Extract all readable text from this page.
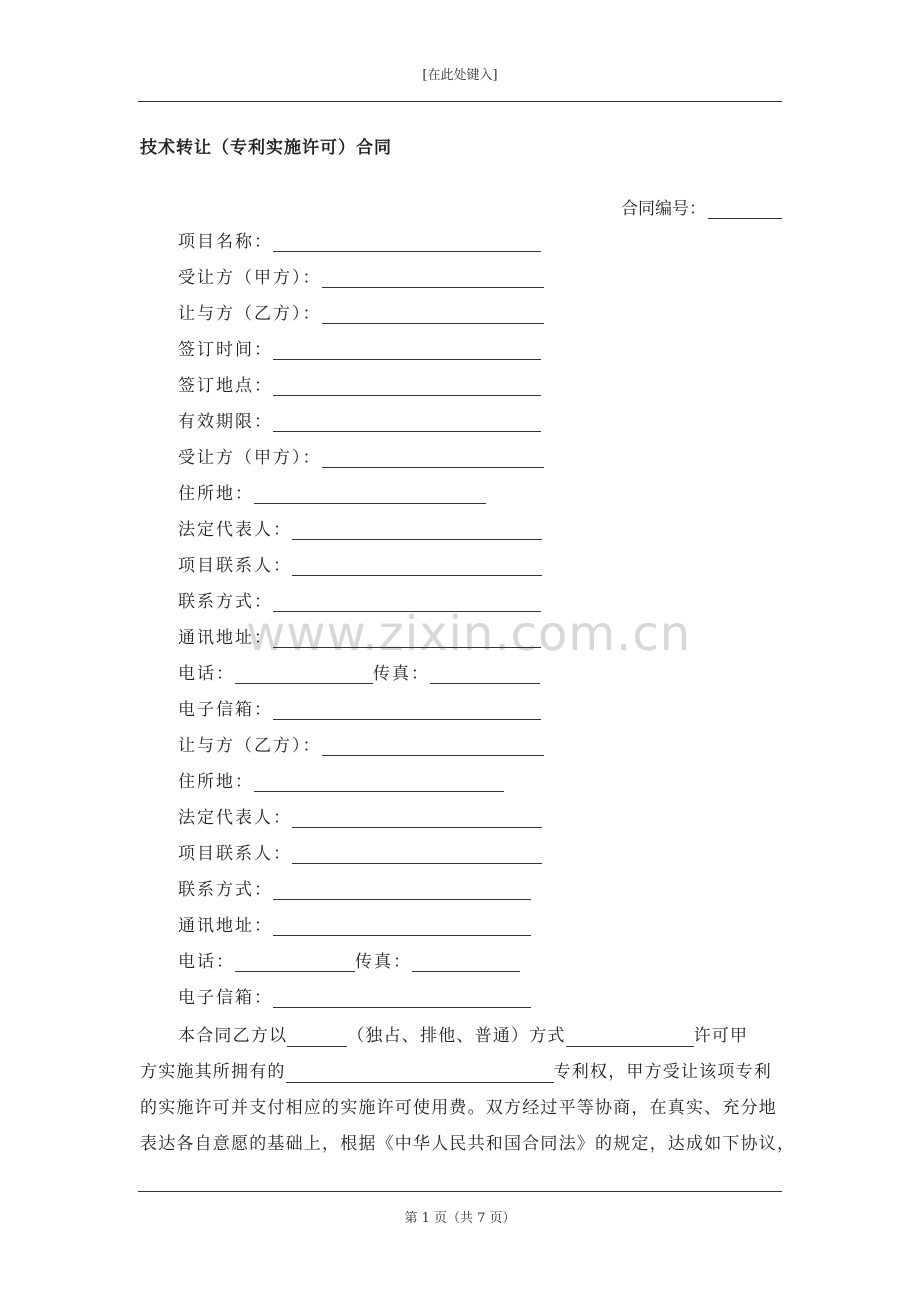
[在此处键入]
技术转让（专利实施许可）合同
合同编号：
www.zixin.com.cn
项目名称：
受让方（甲方）：
让与方（乙方）：
签订时间：
签订地点：
有效期限：
受让方（甲方）：
住所地：
法定代表人：
项目联系人：
联系方式：
通讯地址：
电话：	传真：
电子信箱：
让与方（乙方）：
住所地：
法定代表人：
项目联系人：
联系方式：
通讯地址：
电话：	传真：
电子信箱：
本合同乙方以	（独占、排他、普通）方式	许可甲
方实施其所拥有的	专利权，甲方受让该项专利
的实施许可并支付相应的实施许可使用费。双方经过平等协商，在真实、充分地
表达各自意愿的基础上，根据《中华人民共和国合同法》的规定，达成如下协议，
第 1 页（共 7 页）
